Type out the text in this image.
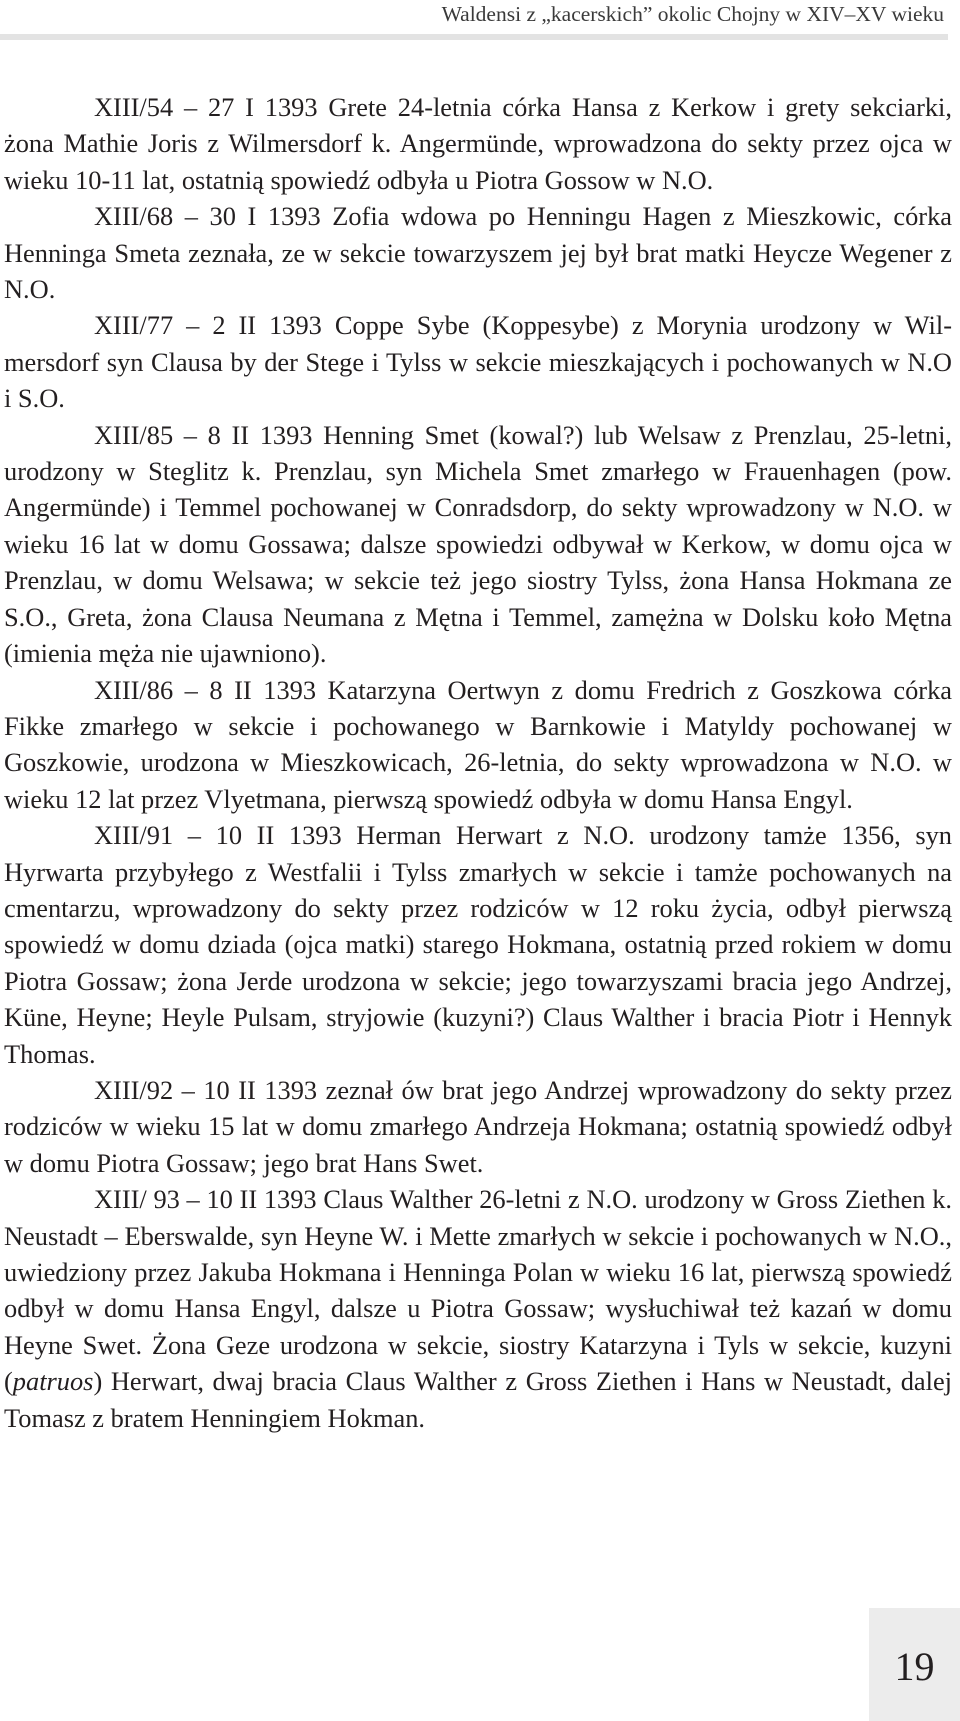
Waldensi z „kacerskich” okolic Chojny w XIV–XV wieku

XIII/54 – 27 I 1393 Grete 24-letnia córka Hansa z Kerkow i grety sekciarki, żona Mathie Joris z Wilmersdorf k. Angermünde, wprowadzona do sekty przez ojca w wieku 10-11 lat, ostatnią spowiedź odbyła u Piotra Gossow w N.O.

XIII/68 – 30 I 1393 Zofia wdowa po Henningu Hagen z Mieszkowic, córka Henninga Smeta zeznała, ze w sekcie towarzyszem jej był brat matki Heycze Wegener z N.O.

XIII/77 – 2 II 1393 Coppe Sybe (Koppesybe) z Morynia urodzony w Wilmersdorf syn Clausa by der Stege i Tylss w sekcie mieszkających i pochowanych w N.O i S.O.

XIII/85 – 8 II 1393 Henning Smet (kowal?) lub Welsaw z Prenzlau, 25-letni, urodzony w Steglitz k. Prenzlau, syn Michela Smet zmarłego w Frauenhagen (pow. Angermünde) i Temmel pochowanej w Conradsdorp, do sekty wprowadzony w N.O. w wieku 16 lat w domu Gossawa; dalsze spowiedzi odbywał w Kerkow, w domu ojca w Prenzlau, w domu Welsawa; w sekcie też jego siostry Tylss, żona Hansa Hokmana ze S.O., Greta, żona Clausa Neumana z Mętna i Temmel, zamężna w Dolsku koło Mętna (imienia męża nie ujawniono).

XIII/86 – 8 II 1393 Katarzyna Oertwyn z domu Fredrich z Goszkowa córka Fikke zmarłego w sekcie i pochowanego w Barnkowie i Matyldy pochowanej w Goszkowie, urodzona w Mieszkowicach, 26-letnia, do sekty wprowadzona w N.O. w wieku 12 lat przez Vlyetmana, pierwszą spowiedź odbyła w domu Hansa Engyl.

XIII/91 – 10 II 1393 Herman Herwart z N.O. urodzony tamże 1356, syn Hyrwarta przybyłego z Westfalii i Tylss zmarłych w sekcie i tamże pochowanych na cmentarzu, wprowadzony do sekty przez rodziców w 12 roku życia, odbył pierwszą spowiedź w domu dziada (ojca matki) starego Hokmana, ostatnią przed rokiem w domu Piotra Gossaw; żona Jerde urodzona w sekcie; jego towarzyszami bracia jego Andrzej, Küne, Heyne; Heyle Pulsam, stryjowie (kuzyni?) Claus Walther i bracia Piotr i Hennyk Thomas.

XIII/92 – 10 II 1393 zeznał ów brat jego Andrzej wprowadzony do sekty przez rodziców w wieku 15 lat w domu zmarłego Andrzeja Hokmana; ostatnią spowiedź odbył w domu Piotra Gossaw; jego brat Hans Swet.

XIII/ 93 – 10 II 1393 Claus Walther 26-letni z N.O. urodzony w Gross Ziethen k. Neustadt – Eberswalde, syn Heyne W. i Mette zmarłych w sekcie i pochowanych w N.O., uwiedziony przez Jakuba Hokmana i Henninga Polan w wieku 16 lat, pierwszą spowiedź odbył w domu Hansa Engyl, dalsze u Piotra Gossaw; wysłuchiwał też kazań w domu Heyne Swet. Żona Geze urodzona w sekcie, siostry Katarzyna i Tyls w sekcie, kuzyni (patruos) Herwart, dwaj bracia Claus Walther z Gross Ziethen i Hans w Neustadt, dalej Tomasz z bratem Henningiem Hokman.

19
